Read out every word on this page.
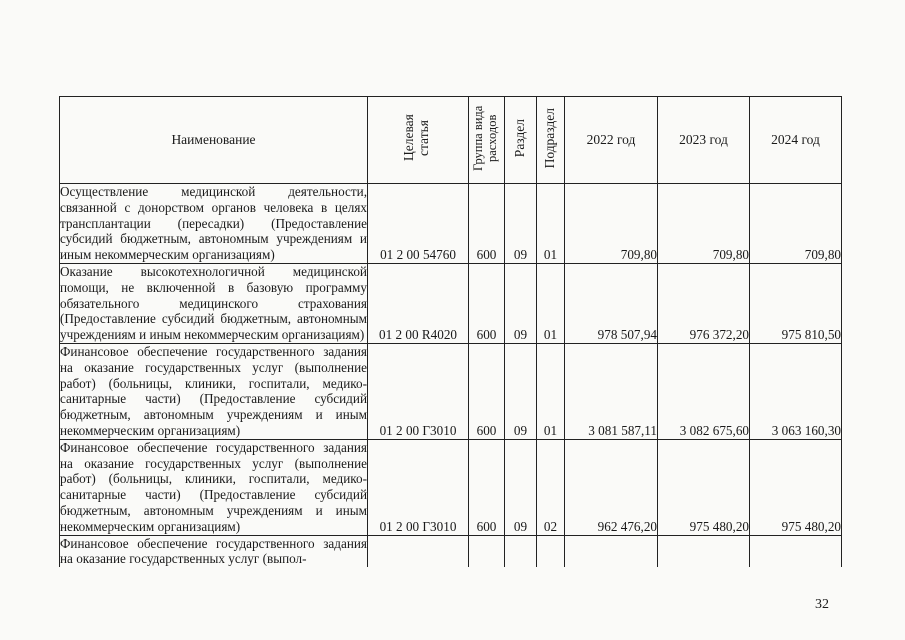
Наименование	Целевая статья	Группа вида расходов	Раздел	Подраздел	2022 год	2023 год	2024 год
Осуществление медицинской деятельности, связанной с донорством органов человека в целях трансплантации (пересадки) (Предоставление субсидий бюджетным, автономным учреждениям и иным некоммерческим организациям)	01 2 00 54760	600	09	01	709,80	709,80	709,80
Оказание высокотехнологичной медицинской помощи, не включенной в базовую программу обязательного медицинского страхования (Предоставление субсидий бюджетным, автономным учреждениям и иным некоммерческим организациям)	01 2 00 R4020	600	09	01	978 507,94	976 372,20	975 810,50
Финансовое обеспечение государственного задания на оказание государственных услуг (выполнение работ) (больницы, клиники, госпитали, медико-санитарные части) (Предоставление субсидий бюджетным, автономным учреждениям и иным некоммерческим организациям)	01 2 00 Г3010	600	09	01	3 081 587,11	3 082 675,60	3 063 160,30
Финансовое обеспечение государственного задания на оказание государственных услуг (выполнение работ) (больницы, клиники, госпитали, медико-санитарные части) (Предоставление субсидий бюджетным, автономным учреждениям и иным некоммерческим организациям)	01 2 00 Г3010	600	09	02	962 476,20	975 480,20	975 480,20
Финансовое обеспечение государственного задания на оказание государственных услуг (выпол-							
32
